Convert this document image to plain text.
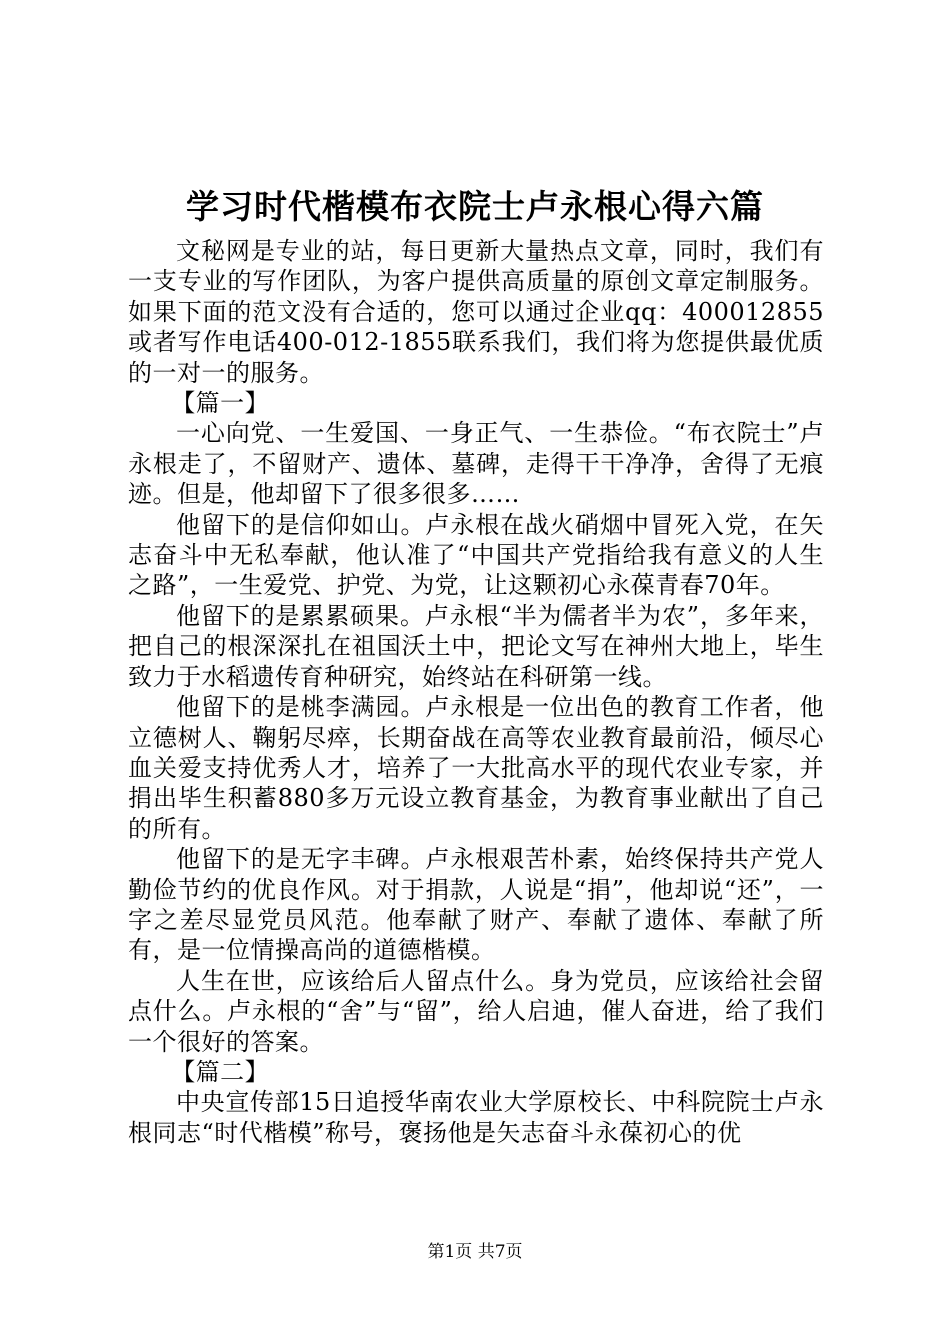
学习时代楷模布衣院士卢永根心得六篇

文秘网是专业的站，每日更新大量热点文章，同时，我们有一支专业的写作团队，为客户提供高质量的原创文章定制服务。如果下面的范文没有合适的，您可以通过企业qq：400012855或者写作电话400-012-1855联系我们，我们将为您提供最优质的一对一的服务。

【篇一】

一心向党、一生爱国、一身正气、一生恭俭。“布衣院士”卢永根走了，不留财产、遗体、墓碑，走得干干净净，舍得了无痕迹。但是，他却留下了很多很多……

他留下的是信仰如山。卢永根在战火硝烟中冒死入党，在矢志奋斗中无私奉献，他认准了“中国共产党指给我有意义的人生之路”，一生爱党、护党、为党，让这颗初心永葆青春70年。

他留下的是累累硕果。卢永根“半为儒者半为农”，多年来，把自己的根深深扎在祖国沃土中，把论文写在神州大地上，毕生致力于水稻遗传育种研究，始终站在科研第一线。

他留下的是桃李满园。卢永根是一位出色的教育工作者，他立德树人、鞠躬尽瘁，长期奋战在高等农业教育最前沿，倾尽心血关爱支持优秀人才，培养了一大批高水平的现代农业专家，并捐出毕生积蓄880多万元设立教育基金，为教育事业献出了自己的所有。

他留下的是无字丰碑。卢永根艰苦朴素，始终保持共产党人勤俭节约的优良作风。对于捐款，人说是“捐”，他却说“还”，一字之差尽显党员风范。他奉献了财产、奉献了遗体、奉献了所有，是一位情操高尚的道德楷模。

人生在世，应该给后人留点什么。身为党员，应该给社会留点什么。卢永根的“舍”与“留”，给人启迪，催人奋进，给了我们一个很好的答案。

【篇二】

中央宣传部15日追授华南农业大学原校长、中科院院士卢永根同志“时代楷模”称号，褒扬他是矢志奋斗永葆初心的优

第1页 共7页
